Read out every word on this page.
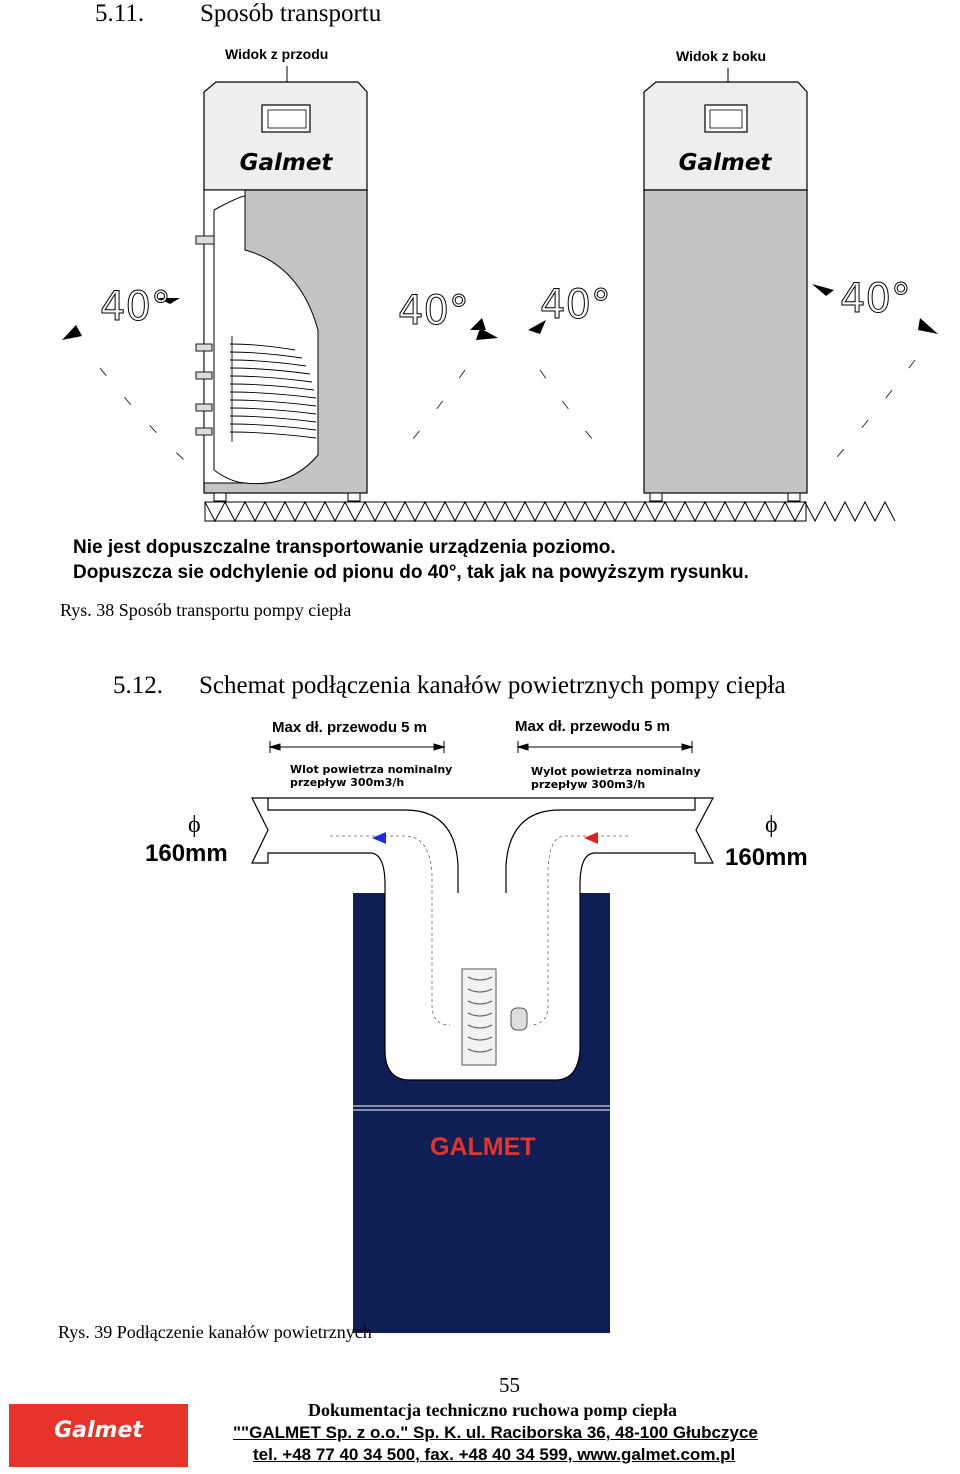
5.11. Sposób transportu
Widok z przodu	Widok z boku
Galmet	Galmet
40°	40° 40°	40°
Nie jest dopuszczalne transportowanie urządzenia poziomo.
Dopuszcza sie odchylenie od pionu do 40°, tak jak na powyższym rysunku.
Rys. 38 Sposób transportu pompy ciepła
5.12. Schemat podłączenia kanałów powietrznych pompy ciepła
Max dł. przewodu 5 m	Max dł. przewodu 5 m
Wlot powietrza nominalny
przepływ 300m3/h
Wylot powietrza nominalny
przepływ 300m3/h
ϕ	ϕ
160mm	160mm
GALMET
Rys. 39 Podłączenie kanałów powietrznych
55
Galmet
Dokumentacja techniczno ruchowa pomp ciepła
""GALMET Sp. z o.o." Sp. K. ul. Raciborska 36, 48-100 Głubczyce
tel. +48 77 40 34 500, fax. +48 40 34 599, www.galmet.com.pl
